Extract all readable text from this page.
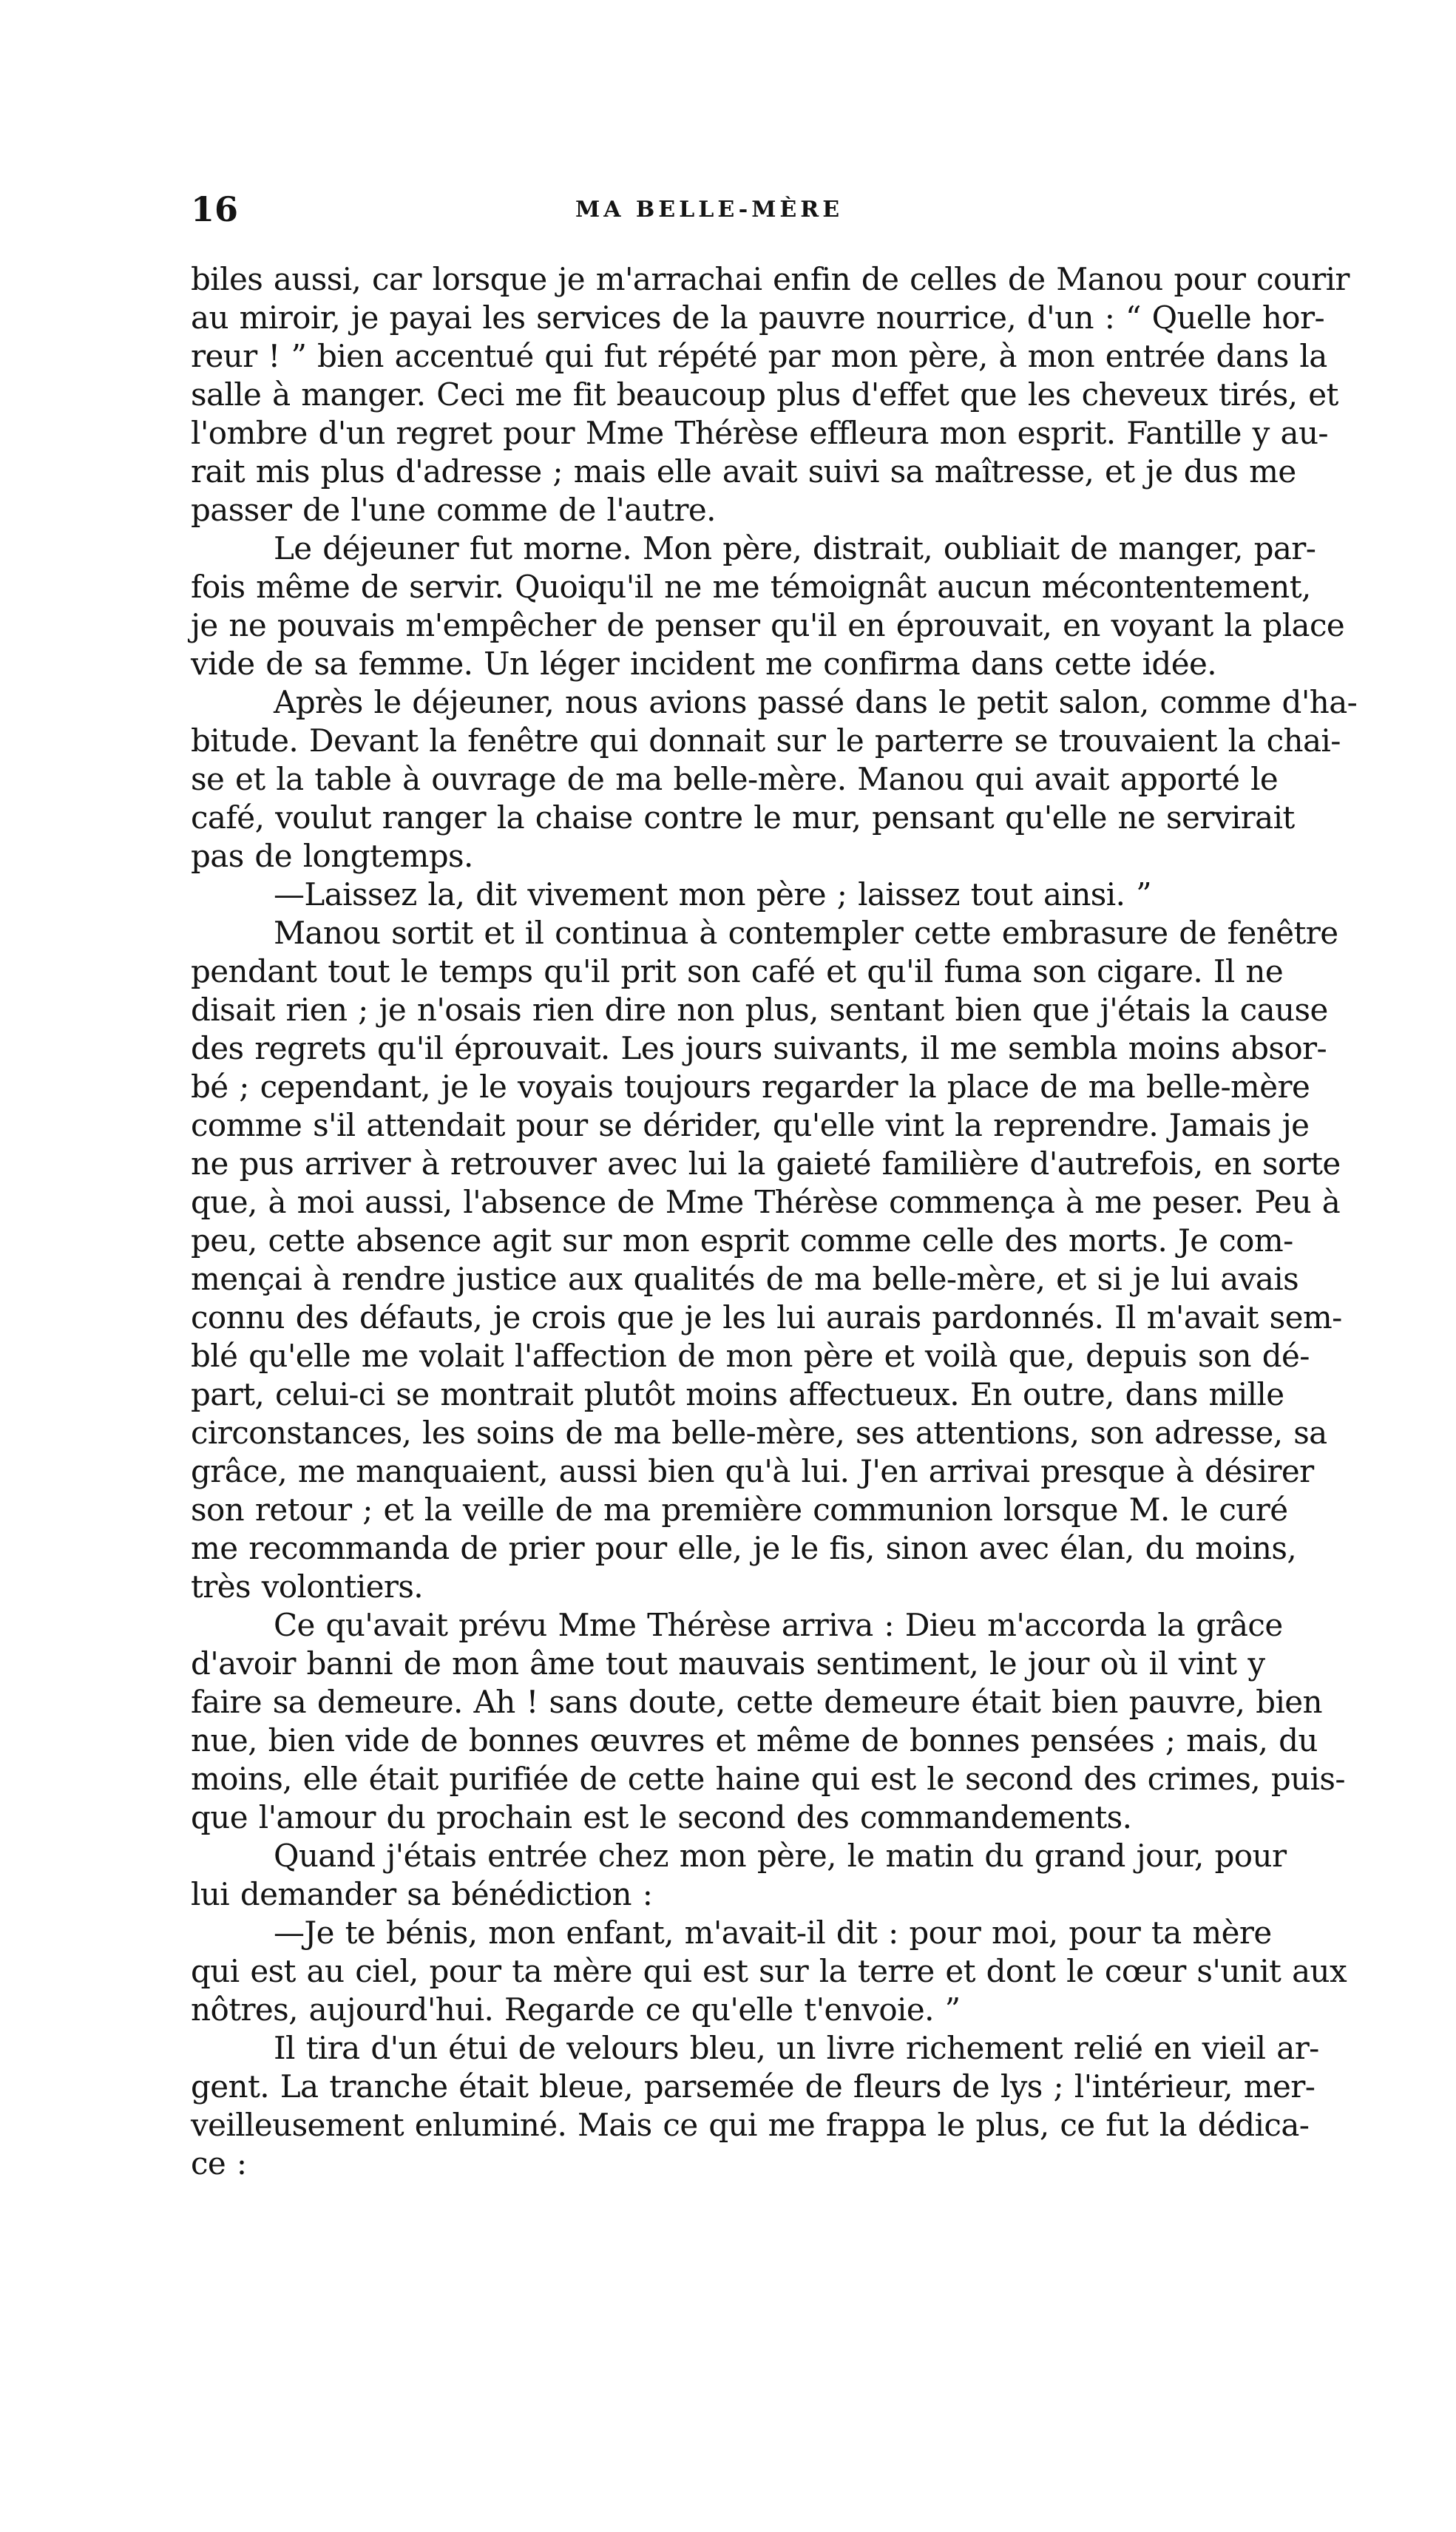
16	MA BELLE-MÈRE
biles aussi, car lorsque je m'arrachai enfin de celles de Manou pour courir
au miroir, je payai les services de la pauvre nourrice, d'un : “ Quelle hor-
reur ! ” bien accentué qui fut répété par mon père, à mon entrée dans la
salle à manger. Ceci me fit beaucoup plus d'effet que les cheveux tirés, et
l'ombre d'un regret pour Mme Thérèse effleura mon esprit. Fantille y au-
rait mis plus d'adresse ; mais elle avait suivi sa maîtresse, et je dus me
passer de l'une comme de l'autre.
Le déjeuner fut morne. Mon père, distrait, oubliait de manger, par-
fois même de servir. Quoiqu'il ne me témoignât aucun mécontentement,
je ne pouvais m'empêcher de penser qu'il en éprouvait, en voyant la place
vide de sa femme. Un léger incident me confirma dans cette idée.
Après le déjeuner, nous avions passé dans le petit salon, comme d'ha-
bitude. Devant la fenêtre qui donnait sur le parterre se trouvaient la chai-
se et la table à ouvrage de ma belle-mère. Manou qui avait apporté le
café, voulut ranger la chaise contre le mur, pensant qu'elle ne servirait
pas de longtemps.
—Laissez la, dit vivement mon père ; laissez tout ainsi. ”
Manou sortit et il continua à contempler cette embrasure de fenêtre
pendant tout le temps qu'il prit son café et qu'il fuma son cigare. Il ne
disait rien ; je n'osais rien dire non plus, sentant bien que j'étais la cause
des regrets qu'il éprouvait. Les jours suivants, il me sembla moins absor-
bé ; cependant, je le voyais toujours regarder la place de ma belle-mère
comme s'il attendait pour se dérider, qu'elle vint la reprendre. Jamais je
ne pus arriver à retrouver avec lui la gaieté familière d'autrefois, en sorte
que, à moi aussi, l'absence de Mme Thérèse commença à me peser. Peu à
peu, cette absence agit sur mon esprit comme celle des morts. Je com-
mençai à rendre justice aux qualités de ma belle-mère, et si je lui avais
connu des défauts, je crois que je les lui aurais pardonnés. Il m'avait sem-
blé qu'elle me volait l'affection de mon père et voilà que, depuis son dé-
part, celui-ci se montrait plutôt moins affectueux. En outre, dans mille
circonstances, les soins de ma belle-mère, ses attentions, son adresse, sa
grâce, me manquaient, aussi bien qu'à lui. J'en arrivai presque à désirer
son retour ; et la veille de ma première communion lorsque M. le curé
me recommanda de prier pour elle, je le fis, sinon avec élan, du moins,
très volontiers.
Ce qu'avait prévu Mme Thérèse arriva : Dieu m'accorda la grâce
d'avoir banni de mon âme tout mauvais sentiment, le jour où il vint y
faire sa demeure. Ah ! sans doute, cette demeure était bien pauvre, bien
nue, bien vide de bonnes œuvres et même de bonnes pensées ; mais, du
moins, elle était purifiée de cette haine qui est le second des crimes, puis-
que l'amour du prochain est le second des commandements.
Quand j'étais entrée chez mon père, le matin du grand jour, pour
lui demander sa bénédiction :
—Je te bénis, mon enfant, m'avait-il dit : pour moi, pour ta mère
qui est au ciel, pour ta mère qui est sur la terre et dont le cœur s'unit aux
nôtres, aujourd'hui. Regarde ce qu'elle t'envoie. ”
Il tira d'un étui de velours bleu, un livre richement relié en vieil ar-
gent. La tranche était bleue, parsemée de fleurs de lys ; l'intérieur, mer-
veilleusement enluminé. Mais ce qui me frappa le plus, ce fut la dédica-
ce :
